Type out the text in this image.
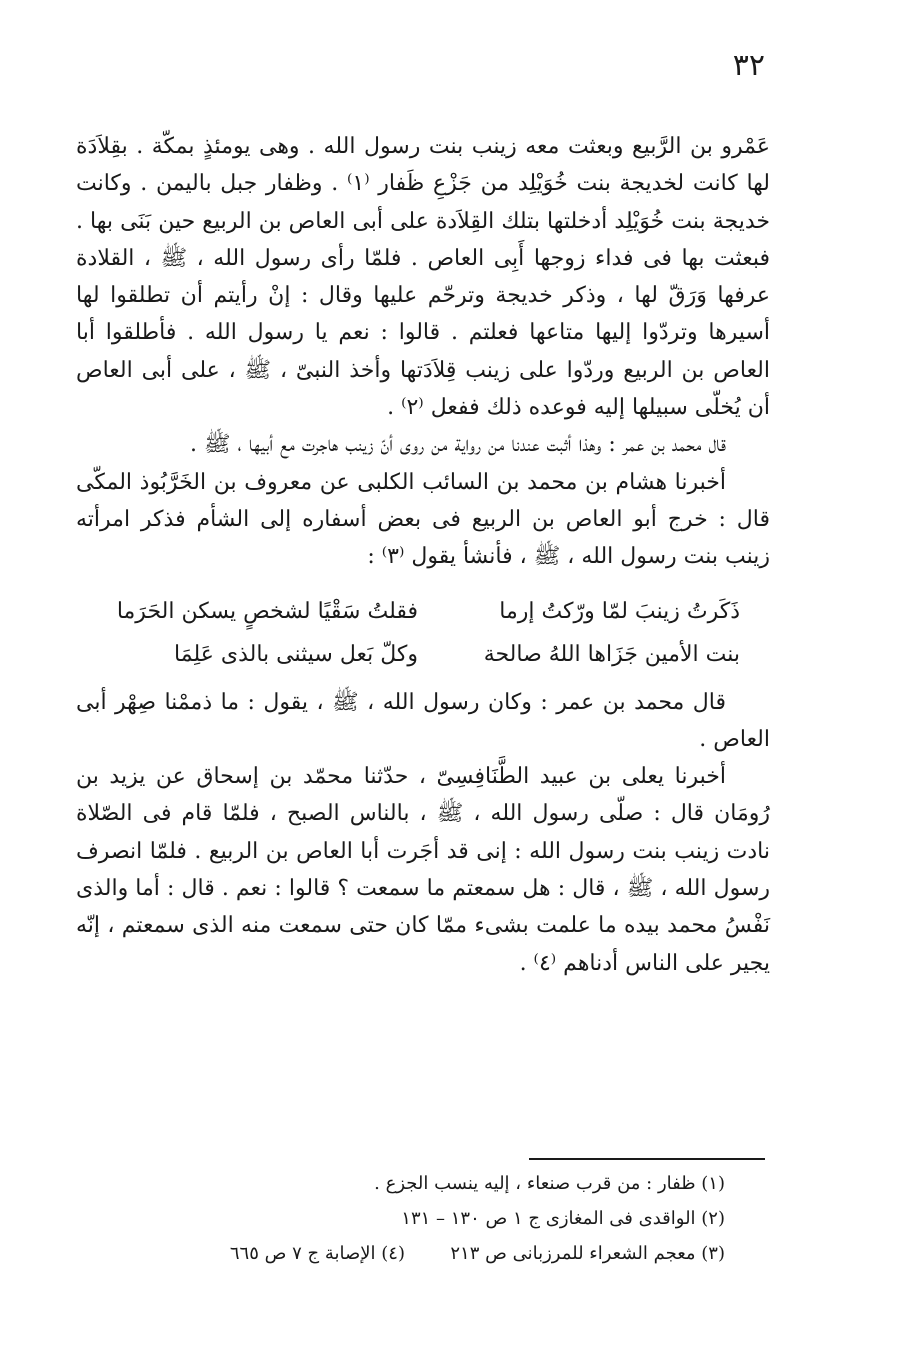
٣٢

عَمْرو بن الرَّبيع وبعثت معه زينب بنت رسول الله . وهى يومئذٍ بمكّة . بقِلاَدَة لها كانت لخديجة بنت خُوَيْلِد من جَزْعِ ظَفار ⁽١⁾ . وظفار جبل باليمن . وكانت خديجة بنت خُوَيْلِد أدخلتها بتلك القِلاَدة على أبى العاص بن الربيع حين بَنَى بها . فبعثت بها فى فداء زوجها أَبِى العاص . فلمّا رأى رسول الله ، ﷺ ، القلادة عرفها وَرَقّ لها ، وذكر خديجة وترحّم عليها وقال : إنْ رأيتم أن تطلقوا لها أسيرها وتردّوا إليها متاعها فعلتم . قالوا : نعم يا رسول الله . فأطلقوا أبا العاص بن الربيع وردّوا على زينب قِلاَدَتها وأخذ النبىّ ، ﷺ ، على أبى العاص أن يُخلّى سبيلها إليه فوعده ذلك ففعل ⁽٢⁾ .

قال محمد بن عمر : وهذا أثبت عندنا من رواية من روى أنّ زينب هاجرت مع أبيها ، ﷺ .

أخبرنا هشام بن محمد بن السائب الكلبى عن معروف بن الخَرَّبُوذ المكّى قال : خرج أبو العاص بن الربيع فى بعض أسفاره إلى الشأم فذكر امرأته زينب بنت رسول الله ، ﷺ ، فأنشأ يقول ⁽٣⁾ :

ذَكَرتُ زينبَ لمّا ورّكتُ إرما
فقلتُ سَقْيًا لشخصٍ يسكن الحَرَما
بنت الأمين جَزَاها اللهُ صالحة
وكلّ بَعل سيثنى بالذى عَلِمَا

قال محمد بن عمر : وكان رسول الله ، ﷺ ، يقول : ما ذممْنا صِهْر أبى العاص .

أخبرنا يعلى بن عبيد الطَّنَافِسِىّ ، حدّثنا محمّد بن إسحاق عن يزيد بن رُومَان قال : صلّى رسول الله ، ﷺ ، بالناس الصبح ، فلمّا قام فى الصّلاة نادت زينب بنت رسول الله : إنى قد أجَرت أبا العاص بن الربيع . فلمّا انصرف رسول الله ، ﷺ ، قال : هل سمعتم ما سمعت ؟ قالوا : نعم . قال : أما والذى نَفْسُ محمد بيده ما علمت بشىء ممّا كان حتى سمعت منه الذى سمعتم ، إنّه يجير على الناس أدناهم ⁽٤⁾ .

(١) ظفار : من قرب صنعاء ، إليه ينسب الجزع .
(٢) الواقدى فى المغازى ج ١ ص ١٣٠ – ١٣١
(٣) معجم الشعراء للمرزبانى ص ٢١٣
(٤) الإصابة ج ٧ ص ٦٦٥
